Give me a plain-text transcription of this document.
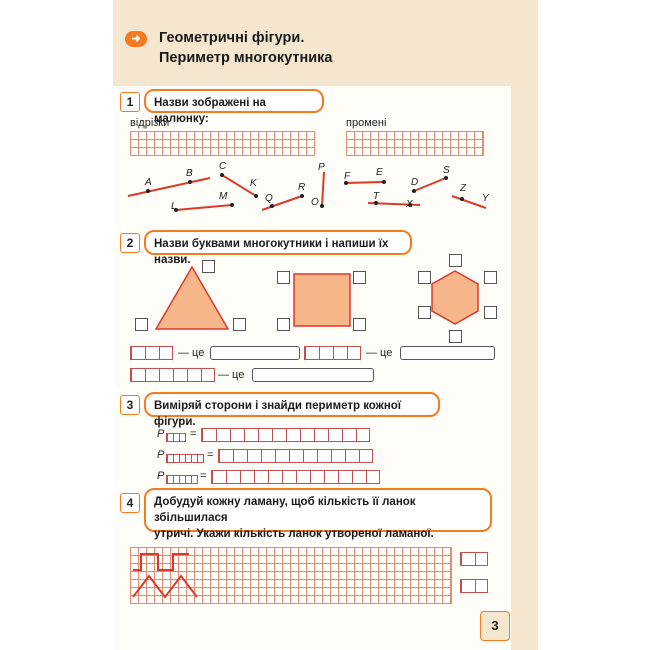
➜	Геометричні фігури.
Периметр многокутника
Назви зображені на малюнку:
1
відрізки	промені
A
B
C
K
L
M	Q
R
P
O
F	E
D
S
T
X
Z
Y
Назви буквами многокутники і напиши їх назви.
2
— це	— це
— це
Виміряй сторони і знайди периметр кожної фігури.
3
P =
P	=
P	=
Добудуй кожну ламану, щоб кількість її ланок збільшилася
утричі. Укажи кількість ланок утвореної ламаної.
4
3
